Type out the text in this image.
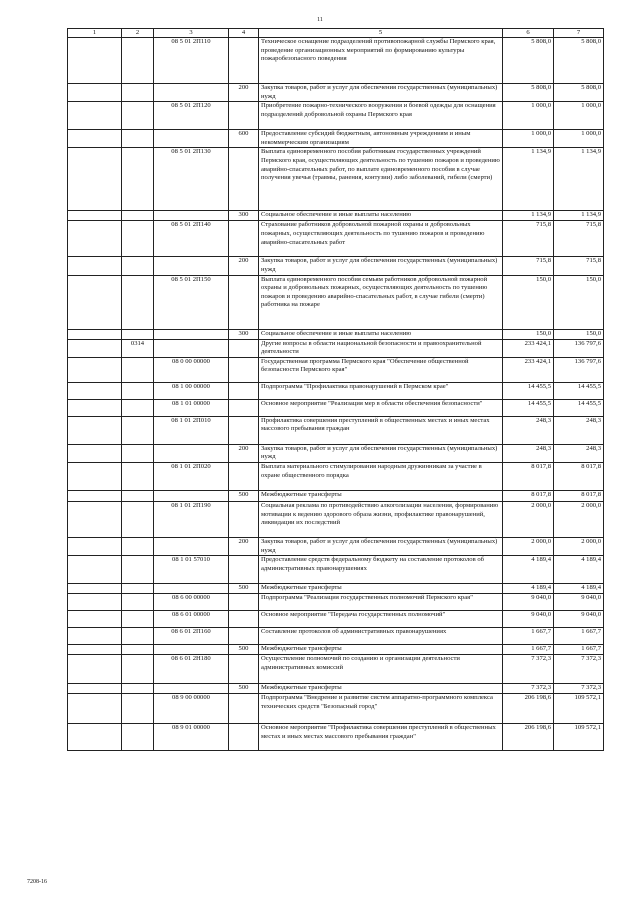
11
1	2	3	4	5	6	7
		08 5 01 2П110		Техническое оснащение подразделений противопожарной службы Пермского края, проведение организационных мероприятий по формированию культуры пожаробезопасного поведения	5 808,0	5 808,0
			200	Закупка товаров, работ и услуг для обеспечения государственных (муниципальных) нужд	5 808,0	5 808,0
		08 5 01 2П120		Приобретение пожарно-технического вооружения и боевой одежды для оснащения подразделений добровольной охраны Пермского края	1 000,0	1 000,0
			600	Предоставление субсидий бюджетным, автономным учреждениям и иным некоммерческим организациям	1 000,0	1 000,0
		08 5 01 2П130		Выплата единовременного пособия работникам государственных учреждений Пермского края, осуществляющих деятельность по тушению пожаров и проведению аварийно-спасательных работ, по выплате единовременного пособия в случае получения увечья (травмы, ранения, контузии) либо заболеваний, гибели (смерти)	1 134,9	1 134,9
			300	Социальное обеспечение и иные выплаты населению	1 134,9	1 134,9
		08 5 01 2П140		Страхование работников добровольной пожарной охраны и добровольных пожарных, осуществляющих деятельность по тушению пожаров и проведению аварийно-спасательных работ	715,8	715,8
			200	Закупка товаров, работ и услуг для обеспечения государственных (муниципальных) нужд	715,8	715,8
		08 5 01 2П150		Выплата единовременного пособия семьям работников добровольной пожарной охраны и добровольных пожарных, осуществляющих деятельность по тушению пожаров и проведению аварийно-спасательных работ, в случае гибели (смерти) работника на пожаре	150,0	150,0
			300	Социальное обеспечение и иные выплаты населению	150,0	150,0
	0314			Другие вопросы в области национальной безопасности и правоохранительной деятельности	233 424,1	136 797,6
		08 0 00 00000		Государственная программа Пермского края "Обеспечение общественной безопасности Пермского края"	233 424,1	136 797,6
		08 1 00 00000		Подпрограмма "Профилактика правонарушений в Пермском крае"	14 455,5	14 455,5
		08 1 01 00000		Основное мероприятие "Реализация мер в области обеспечения безопасности"	14 455,5	14 455,5
		08 1 01 2П010		Профилактика совершения преступлений в общественных местах и иных местах массового пребывания граждан	248,3	248,3
			200	Закупка товаров, работ и услуг для обеспечения государственных (муниципальных) нужд	248,3	248,3
		08 1 01 2П020		Выплата материального стимулирования народным дружинникам за участие в охране общественного порядка	8 017,8	8 017,8
			500	Межбюджетные трансферты	8 017,8	8 017,8
		08 1 01 2П190		Социальная реклама по противодействию алкоголизации населения, формированию мотивации к ведению здорового образа жизни, профилактике правонарушений, ликвидации их последствий	2 000,0	2 000,0
			200	Закупка товаров, работ и услуг для обеспечения государственных (муниципальных) нужд	2 000,0	2 000,0
		08 1 01 57010		Предоставление средств федеральному бюджету на составление протоколов об административных правонарушениях	4 189,4	4 189,4
			500	Межбюджетные трансферты	4 189,4	4 189,4
		08 6 00 00000		Подпрограмма "Реализация государственных полномочий Пермского края"	9 040,0	9 040,0
		08 6 01 00000		Основное мероприятие "Передача государственных полномочий"	9 040,0	9 040,0
		08 6 01 2П160		Составление протоколов об административных правонарушениях	1 667,7	1 667,7
			500	Межбюджетные трансферты	1 667,7	1 667,7
		08 6 01 2Н180		Осуществление полномочий по созданию и организации деятельности административных комиссий	7 372,3	7 372,3
			500	Межбюджетные трансферты	7 372,3	7 372,3
		08 9 00 00000		Подпрограмма "Внедрение и развитие систем аппаратно-программного комплекса технических средств "Безопасный город"	206 198,6	109 572,1
		08 9 01 00000		Основное мероприятие "Профилактика совершения преступлений в общественных местах и иных местах массового пребывания граждан"	206 198,6	109 572,1
7208-16
